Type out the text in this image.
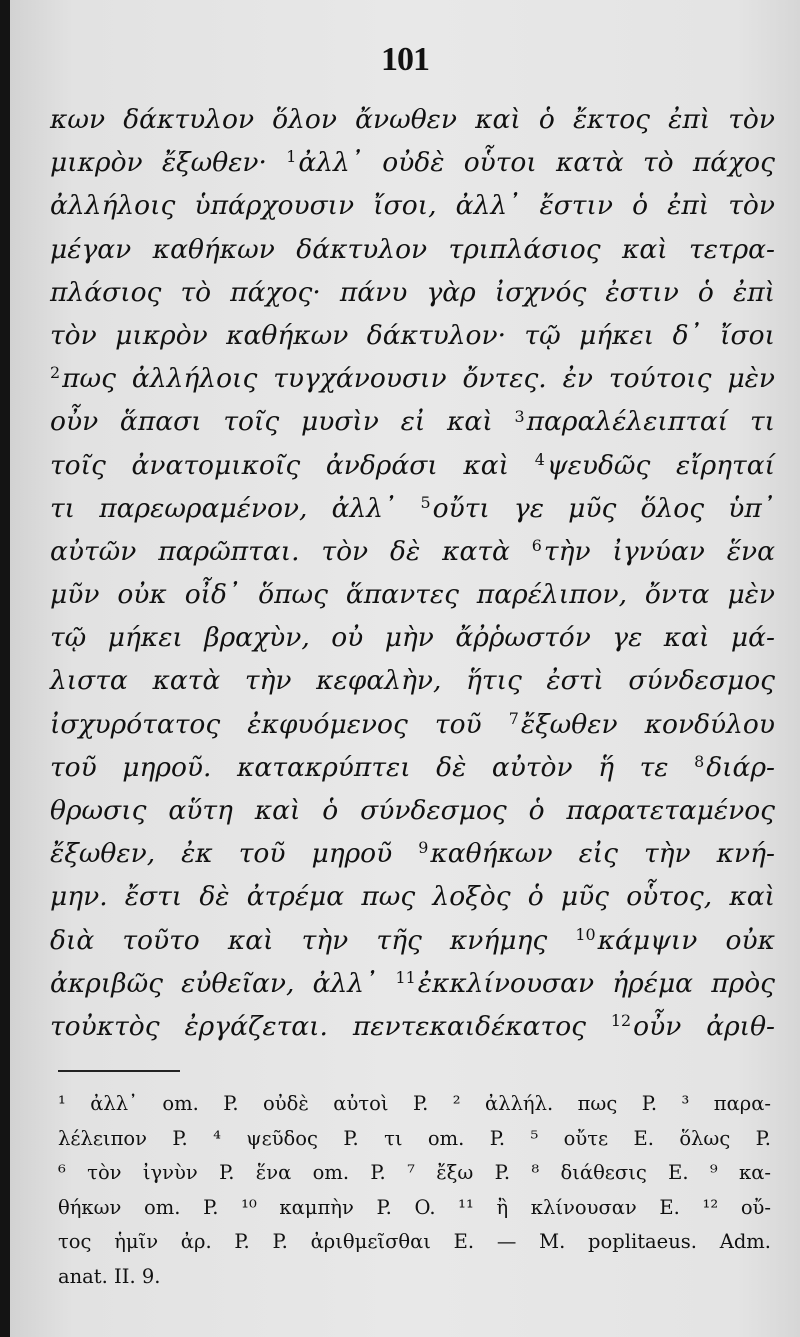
101
κων δάκτυλον ὅλον ἄνωθεν καὶ ὁ ἔκτος ἐπὶ τὸν
μικρὸν ἔξωθεν· $^1$ἀλλ᾽ οὐδὲ οὗτοι κατὰ τὸ πάχος
ἀλλήλοις ὑπάρχουσιν ἴσοι, ἀλλ᾽ ἔστιν ὁ ἐπὶ τὸν
μέγαν καθήκων δάκτυλον τριπλάσιος καὶ τετρα-
πλάσιος τὸ πάχος· πάνυ γὰρ ἰσχνός ἐστιν ὁ ἐπὶ
τὸν μικρὸν καθήκων δάκτυλον· τῷ μήκει δ᾽ ἴσοι
$^2$πως ἀλλήλοις τυγχάνουσιν ὄντες. ἐν τούτοις μὲν
οὖν ἅπασι τοῖς μυσὶν εἰ καὶ $^3$παραλέλειπταί τι
τοῖς ἀνατομικοῖς ἀνδράσι καὶ $^4$ψευδῶς εἴρηταί
τι παρεωραμένον, ἀλλ᾽ $^5$οὔτι γε μῦς ὅλος ὑπ᾽
αὐτῶν παρῶπται. τὸν δὲ κατὰ $^6$τὴν ἰγνύαν ἕνα
μῦν οὐκ οἶδ᾽ ὅπως ἅπαντες παρέλιπον, ὄντα μὲν
τῷ μήκει βραχὺν, οὐ μὴν ἄῤῥωστόν γε καὶ μά-
λιστα κατὰ τὴν κεφαλὴν, ἥτις ἐστὶ σύνδεσμος
ἰσχυρότατος ἐκφυόμενος τοῦ $^7$ἔξωθεν κονδύλου
τοῦ μηροῦ. κατακρύπτει δὲ αὐτὸν ἥ τε $^8$διάρ-
θρωσις αὕτη καὶ ὁ σύνδεσμος ὁ παρατεταμένος
ἔξωθεν, ἐκ τοῦ μηροῦ $^9$καθήκων εἰς τὴν κνή-
μην. ἔστι δὲ ἀτρέμα πως λοξὸς ὁ μῦς οὗτος, καὶ
διὰ τοῦτο καὶ τὴν τῆς κνήμης $^{10}$κάμψιν οὐκ
ἀκριβῶς εὐθεῖαν, ἀλλ᾽ $^{11}$ἐκκλίνουσαν ἠρέμα πρὸς
τοὐκτὸς ἐργάζεται. πεντεκαιδέκατος $^{12}$οὖν ἀριθ-
¹ ἀλλ᾽ om. P. οὐδὲ αὐτοὶ P. ² ἀλλήλ. πως P. ³ παρα-
λέλειπον P. ⁴ ψεῦδος P. τι om. P. ⁵ οὔτε E. ὅλως P.
⁶ τὸν ἰγνὺν P. ἕνα om. P. ⁷ ἔξω P. ⁸ διάθεσις E. ⁹ κα-
θήκων om. P. ¹⁰ καμπὴν P. O. ¹¹ ἢ κλίνουσαν E. ¹² οὔ-
τος ἡμῖν ἀρ. P. P. ἀριθμεῖσθαι E. — M. poplitaeus. Adm.
anat. II. 9.
